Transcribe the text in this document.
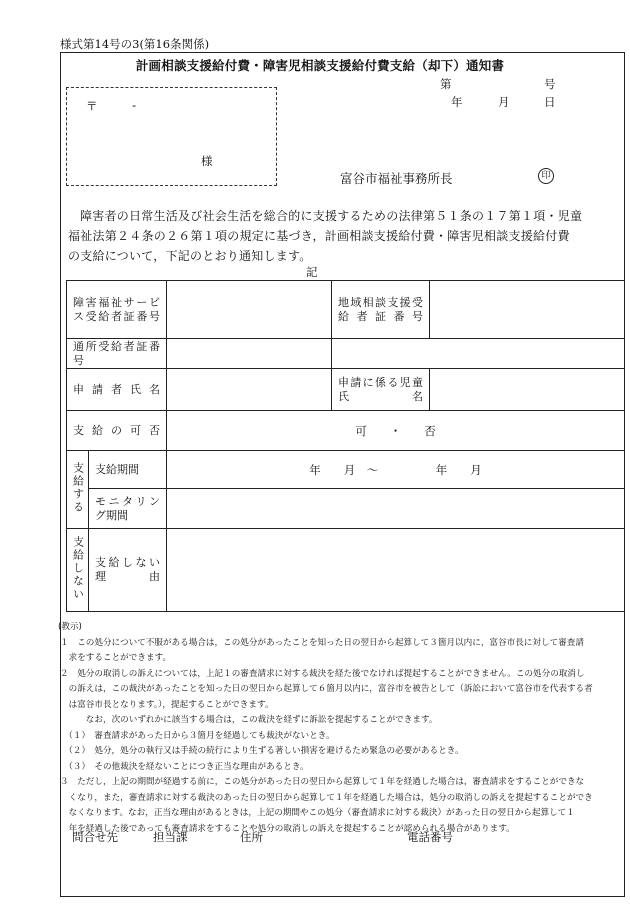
様式第14号の3(第16条関係)
計画相談支援給付費・障害児相談支援給付費支給（却下）通知書
第	号
年	月	日
〒	-
様
富谷市福祉事務所長	印

障害者の日常生活及び社会生活を総合的に支援するための法律第５１条の１７第１項・児童

福祉法第２４条の２６第１項の規定に基づき，計画相談支援給付費・障害児相談支援給付費

の支給について，下記のとおり通知します。

記
障害福祉サービス受給者証番号			地域相談支援受給者証番号	

通所受給者証番号			

申請者氏名			申請に係る児童氏名	
支給の可否		可　　・　　否		
支給する	支給期間	年　　月　～　　　　　年　　月		
	モニタリング期間			
支給しない	支給しない理由			
(教示)
１　この処分について不服がある場合は，この処分があったことを知った日の翌日から起算して３箇月以内に，富谷市長に対して審査請
　求をすることができます。
２　処分の取消しの訴えについては，上記１の審査請求に対する裁決を経た後でなければ提起することができません。この処分の取消し
　の訴えは，この裁決があったことを知った日の翌日から起算して６箇月以内に，富谷市を被告として（訴訟において富谷市を代表する者
　は富谷市長となります。），提起することができます。
　　　なお，次のいずれかに該当する場合は，この裁決を経ずに訴訟を提起することができます。
　（１）　審査請求があった日から３箇月を経過しても裁決がないとき。
　（２）　処分，処分の執行又は手続の続行により生ずる著しい損害を避けるため緊急の必要があるとき。
　（３）　その他裁決を経ないことにつき正当な理由があるとき。
３　ただし，上記の期間が経過する前に，この処分があった日の翌日から起算して１年を経過した場合は，審査請求をすることができな
　くなり，また，審査請求に対する裁決のあった日の翌日から起算して１年を経過した場合は，処分の取消しの訴えを提起することができ
　なくなります。なお，正当な理由があるときは，上記の期間やこの処分（審査請求に対する裁決）があった日の翌日から起算して１
　年を経過した後であっても審査請求をすることや処分の取消しの訴えを提起することが認められる場合があります。
問合せ先	担当課	住所	電話番号
